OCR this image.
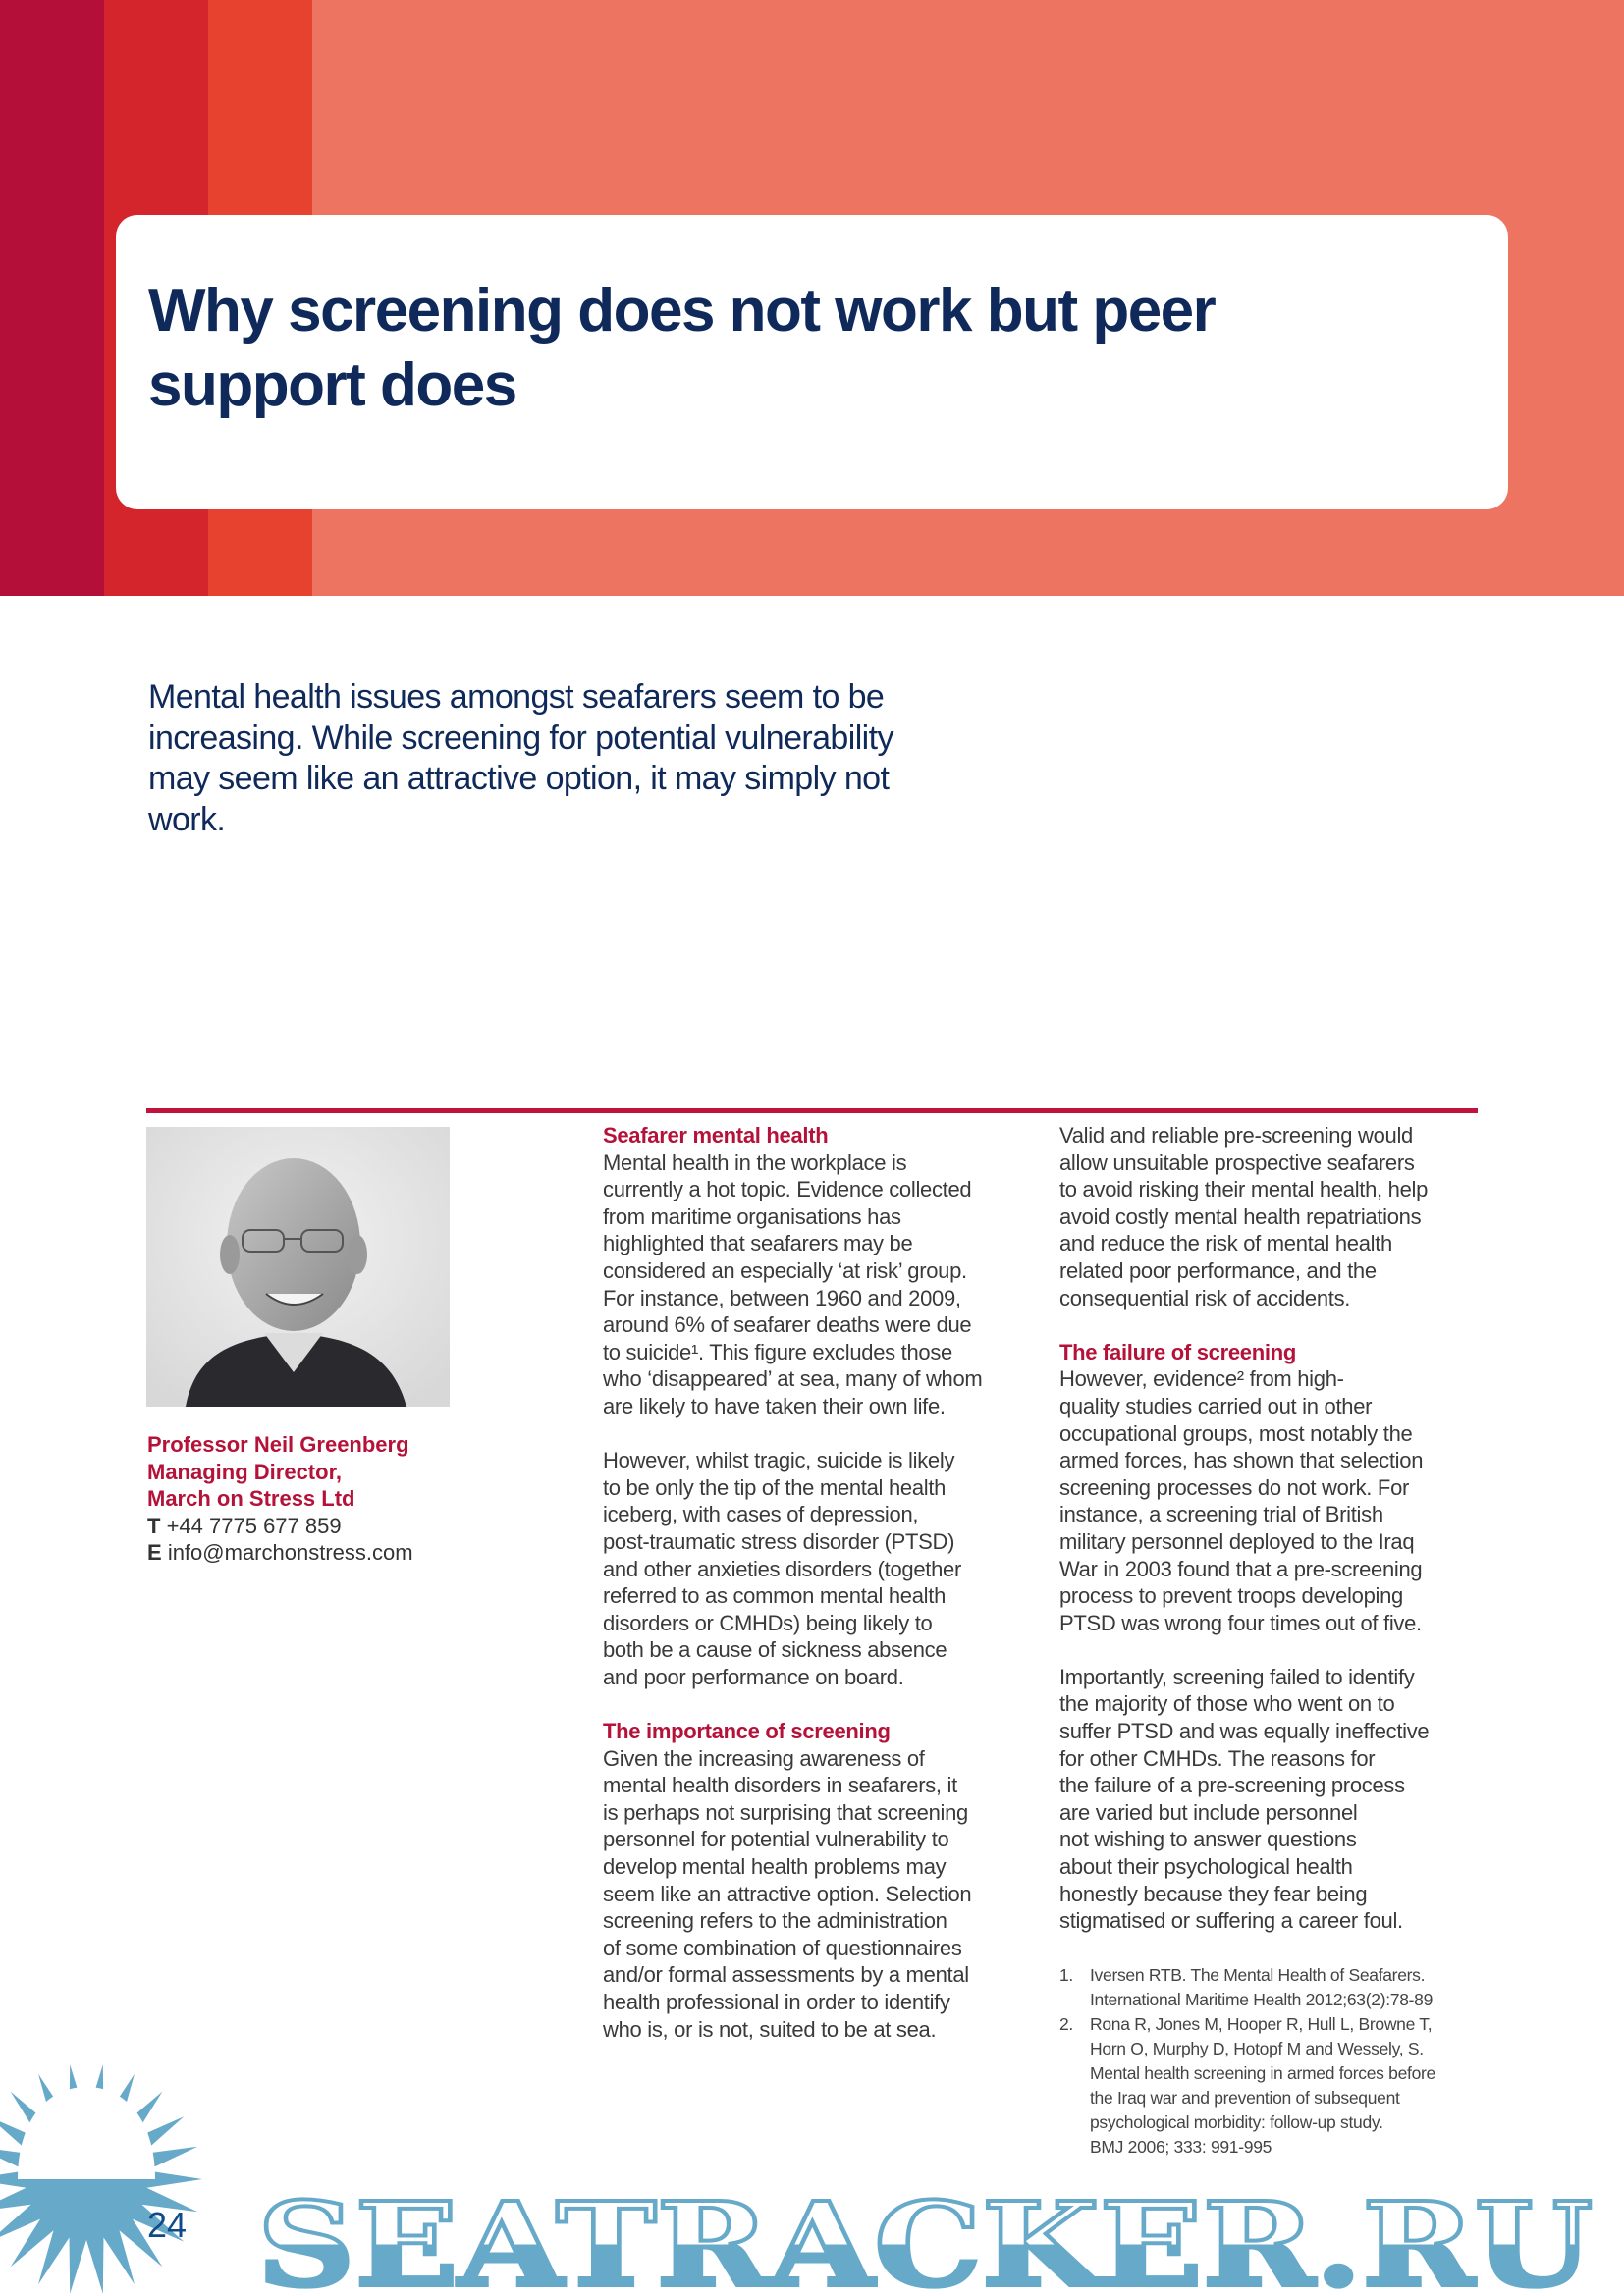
Why screening does not work but peer
support does
Mental health issues amongst seafarers seem to be
increasing. While screening for potential vulnerability
may seem like an attractive option, it may simply not
work.
Professor Neil Greenberg
Managing Director,
March on Stress Ltd
T +44 7775 677 859
E info@marchonstress.com
Seafarer mental health
Mental health in the workplace is
currently a hot topic. Evidence collected
from maritime organisations has
highlighted that seafarers may be
considered an especially ‘at risk’ group.
For instance, between 1960 and 2009,
around 6% of seafarer deaths were due
to suicide¹. This figure excludes those
who ‘disappeared’ at sea, many of whom
are likely to have taken their own life.
However, whilst tragic, suicide is likely
to be only the tip of the mental health
iceberg, with cases of depression,
post-traumatic stress disorder (PTSD)
and other anxieties disorders (together
referred to as common mental health
disorders or CMHDs) being likely to
both be a cause of sickness absence
and poor performance on board.
The importance of screening
Given the increasing awareness of
mental health disorders in seafarers, it
is perhaps not surprising that screening
personnel for potential vulnerability to
develop mental health problems may
seem like an attractive option. Selection
screening refers to the administration
of some combination of questionnaires
and/or formal assessments by a mental
health professional in order to identify
who is, or is not, suited to be at sea.
Valid and reliable pre-screening would
allow unsuitable prospective seafarers
to avoid risking their mental health, help
avoid costly mental health repatriations
and reduce the risk of mental health
related poor performance, and the
consequential risk of accidents.
The failure of screening
However, evidence² from high-
quality studies carried out in other
occupational groups, most notably the
armed forces, has shown that selection
screening processes do not work. For
instance, a screening trial of British
military personnel deployed to the Iraq
War in 2003 found that a pre-screening
process to prevent troops developing
PTSD was wrong four times out of five.
Importantly, screening failed to identify
the majority of those who went on to
suffer PTSD and was equally ineffective
for other CMHDs. The reasons for
the failure of a pre-screening process
are varied but include personnel
not wishing to answer questions
about their psychological health
honestly because they fear being
stigmatised or suffering a career foul.
1. Iversen RTB. The Mental Health of Seafarers.
International Maritime Health 2012;63(2):78-89
2. Rona R, Jones M, Hooper R, Hull L, Browne T,
Horn O, Murphy D, Hotopf M and Wessely, S.
Mental health screening in armed forces before
the Iraq war and prevention of subsequent
psychological morbidity: follow-up study.
BMJ 2006; 333: 991-995
SEATRACKER.RU
24
